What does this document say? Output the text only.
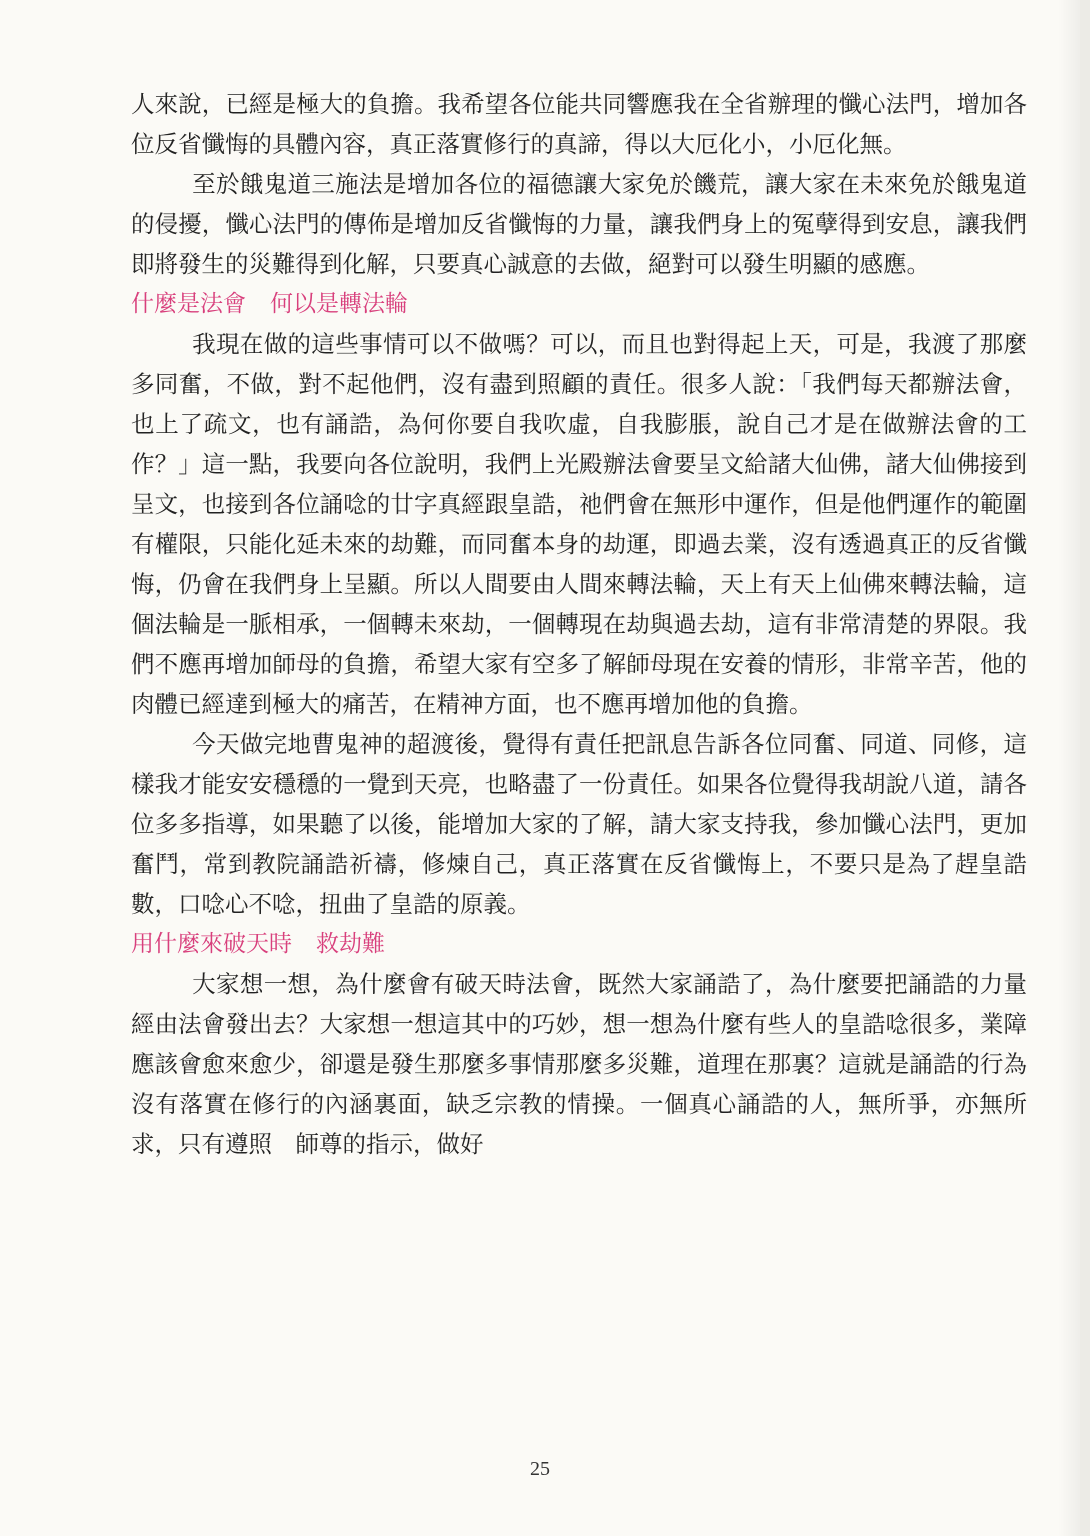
人來說，已經是極大的負擔。我希望各位能共同響應我在全省辦理的懺心法門，增加各位反省懺悔的具體內容，真正落實修行的真諦，得以大厄化小，小厄化無。

至於餓鬼道三施法是增加各位的福德讓大家免於饑荒，讓大家在未來免於餓鬼道的侵擾，懺心法門的傳佈是增加反省懺悔的力量，讓我們身上的冤孽得到安息，讓我們即將發生的災難得到化解，只要真心誠意的去做，絕對可以發生明顯的感應。

什麼是法會 何以是轉法輪

我現在做的這些事情可以不做嗎？可以，而且也對得起上天，可是，我渡了那麼多同奮，不做，對不起他們，沒有盡到照顧的責任。很多人說：「我們每天都辦法會，也上了疏文，也有誦誥，為何你要自我吹虛，自我膨脹，說自己才是在做辦法會的工作？」這一點，我要向各位說明，我們上光殿辦法會要呈文給諸大仙佛，諸大仙佛接到呈文，也接到各位誦唸的廿字真經跟皇誥，祂們會在無形中運作，但是他們運作的範圍有權限，只能化延未來的劫難，而同奮本身的劫運，即過去業，沒有透過真正的反省懺悔，仍會在我們身上呈顯。所以人間要由人間來轉法輪，天上有天上仙佛來轉法輪，這個法輪是一脈相承，一個轉未來劫，一個轉現在劫與過去劫，這有非常清楚的界限。我們不應再增加師母的負擔，希望大家有空多了解師母現在安養的情形，非常辛苦，他的肉體已經達到極大的痛苦，在精神方面，也不應再增加他的負擔。

今天做完地曹鬼神的超渡後，覺得有責任把訊息告訴各位同奮、同道、同修，這樣我才能安安穩穩的一覺到天亮，也略盡了一份責任。如果各位覺得我胡說八道，請各位多多指導，如果聽了以後，能增加大家的了解，請大家支持我，參加懺心法門，更加奮鬥，常到教院誦誥祈禱，修煉自己，真正落實在反省懺悔上，不要只是為了趕皇誥數，口唸心不唸，扭曲了皇誥的原義。

用什麼來破天時 救劫難

大家想一想，為什麼會有破天時法會，既然大家誦誥了，為什麼要把誦誥的力量經由法會發出去？大家想一想這其中的巧妙，想一想為什麼有些人的皇誥唸很多，業障應該會愈來愈少，卻還是發生那麼多事情那麼多災難，道理在那裏？這就是誦誥的行為沒有落實在修行的內涵裏面，缺乏宗教的情操。一個真心誦誥的人，無所爭，亦無所求，只有遵照　師尊的指示，做好

25
